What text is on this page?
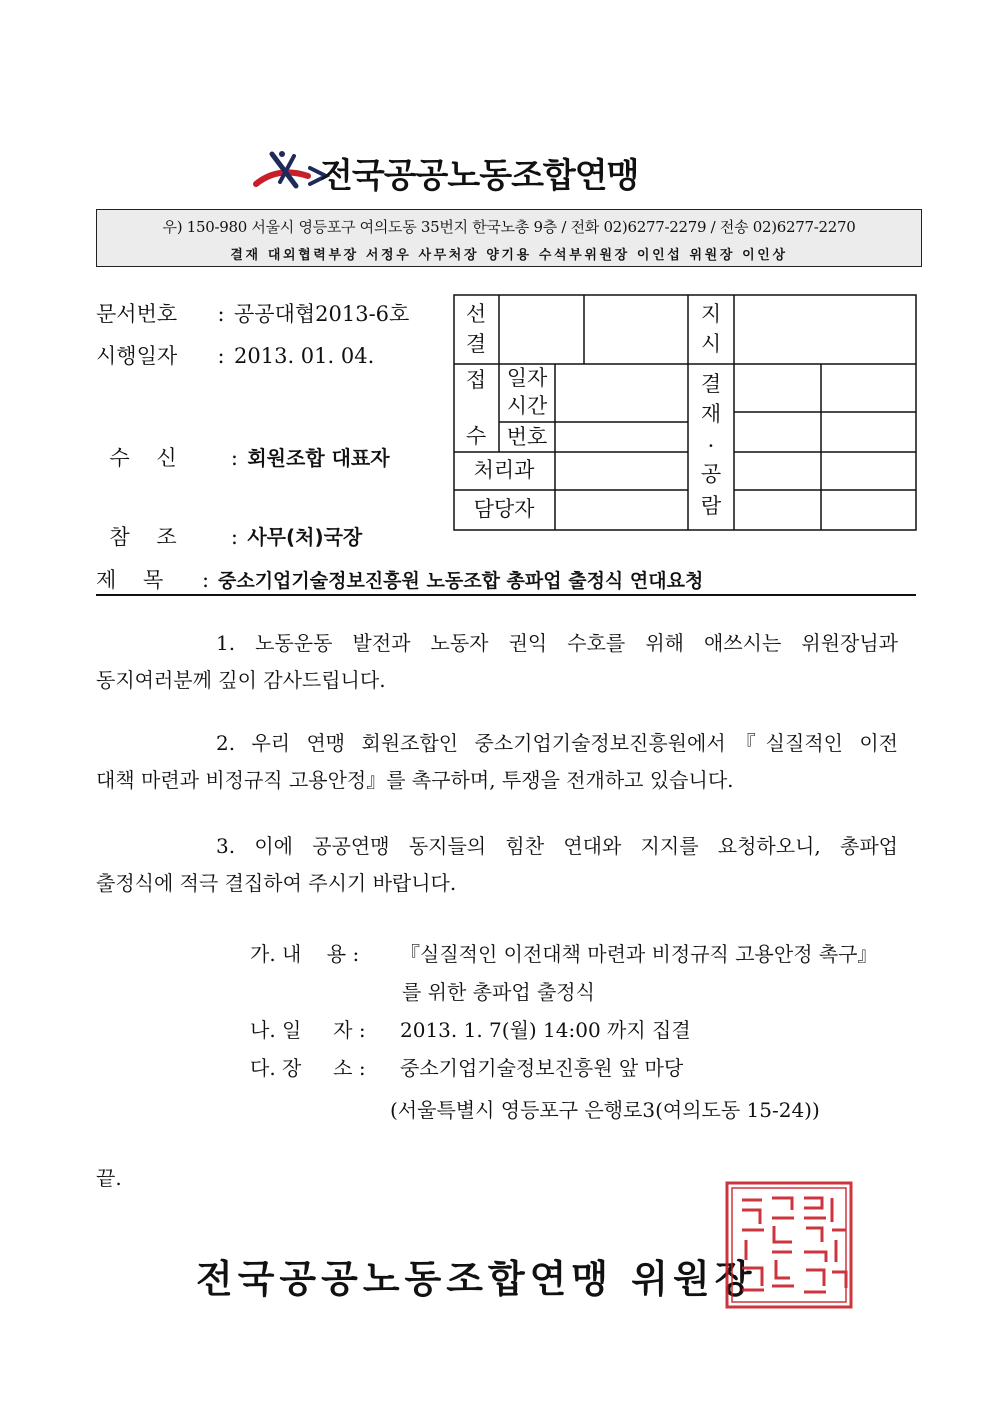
전국공공노동조합연맹
우) 150-980 서울시 영등포구 여의도동 35번지 한국노총 9층 / 전화 02)6277-2279 / 전송 02)6277-2270
결재 대외협력부장 서정우 사무처장 양기용 수석부위원장 이인섭 위원장 이인상
문서번호 : 공공대협2013-6호
시행일자 : 2013. 01. 04.

수    신	: 회원조합 대표자

참    조	: 사무(처)국장

선
결
지
시
접
수
일자
시간
번호
처리과
담당자
결
재
·
공
람
제    목 : 중소기업기술정보진흥원 노동조합 총파업 출정식 연대요청
1. 노동운동 발전과 노동자 권익 수호를 위해 애쓰시는 위원장님과
동지여러분께 깊이 감사드립니다.
2. 우리 연맹 회원조합인 중소기업기술정보진흥원에서『실질적인 이전
대책 마련과 비정규직 고용안정』를 촉구하며, 투쟁을 전개하고 있습니다.
3. 이에 공공연맹 동지들의 힘찬 연대와 지지를 요청하오니, 총파업
출정식에 적극 결집하여 주시기 바랍니다.
가. 내    용 : 『실질적인 이전대책 마련과 비정규직 고용안정 촉구』
를 위한 총파업 출정식
나. 일     자 : 2013. 1. 7(월) 14:00 까지 집결
다. 장     소 : 중소기업기술정보진흥원 앞 마당
(서울특별시 영등포구 은행로3(여의도동 15-24))
끝.
전국공공노동조합연맹 위원장
